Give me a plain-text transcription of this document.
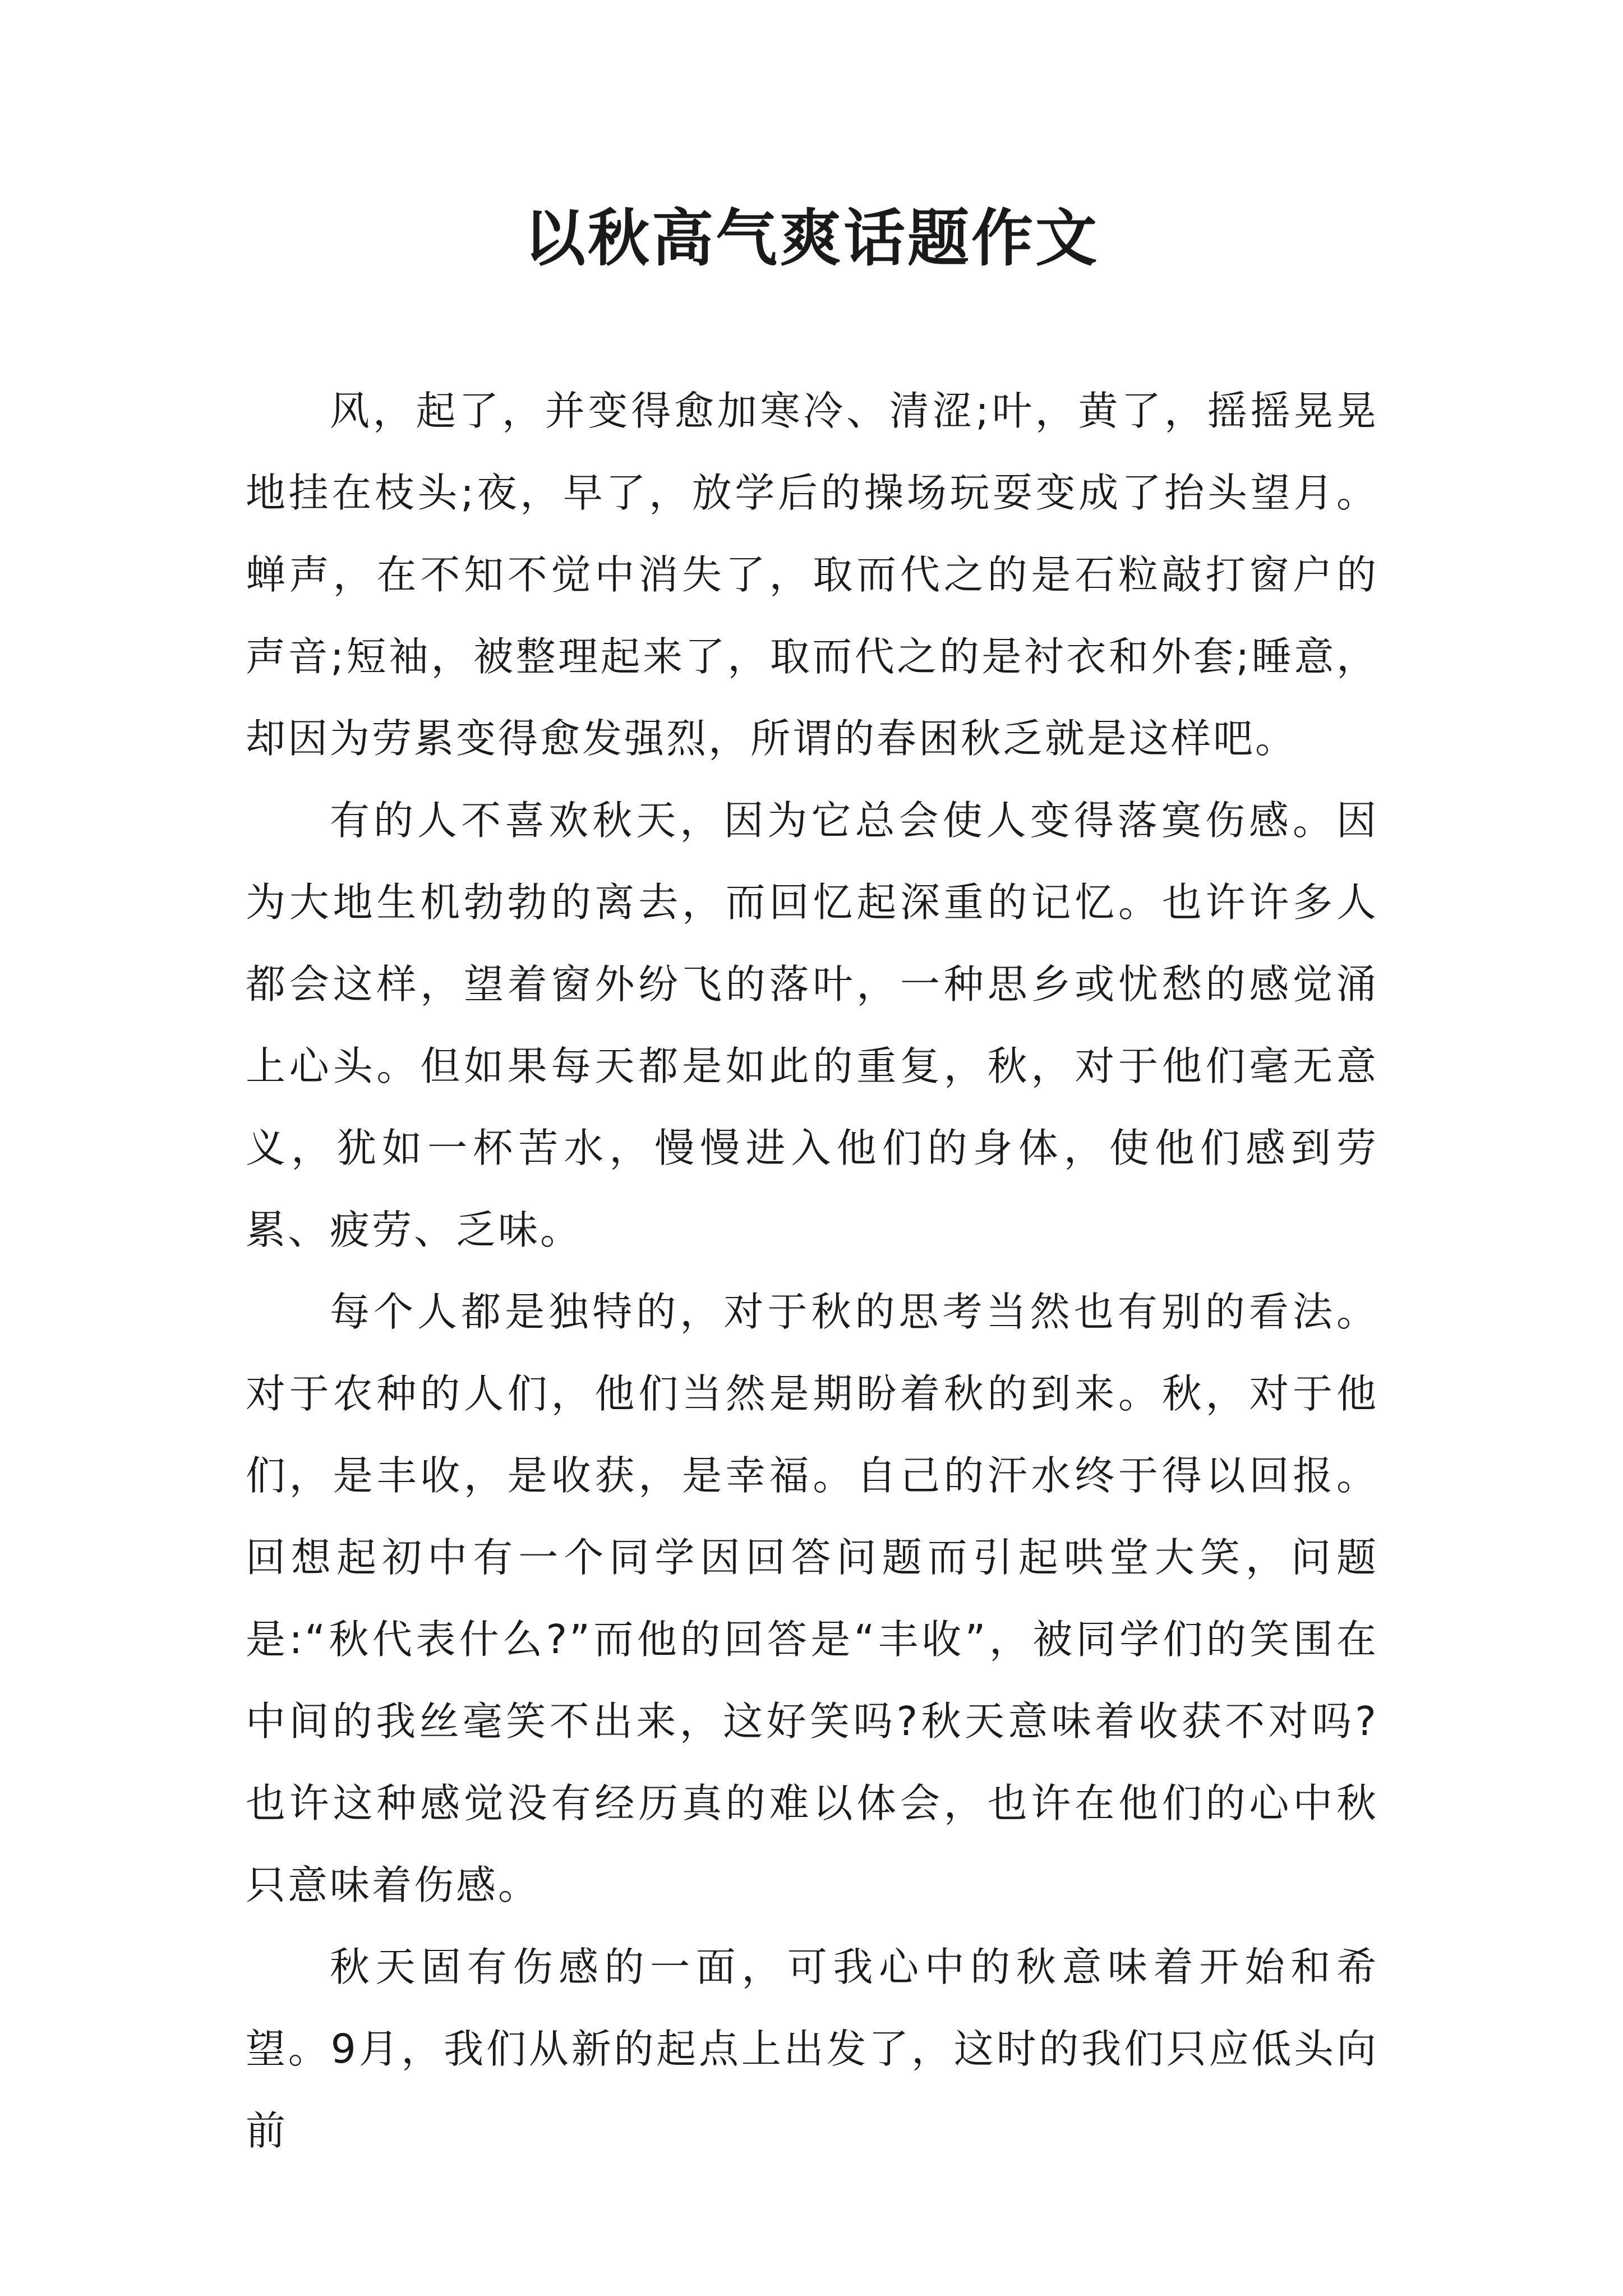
以秋高气爽话题作文

风，起了，并变得愈加寒冷、清涩;叶，黄了，摇摇晃晃地挂在枝头;夜，早了，放学后的操场玩耍变成了抬头望月。蝉声，在不知不觉中消失了，取而代之的是石粒敲打窗户的声音;短袖，被整理起来了，取而代之的是衬衣和外套;睡意，却因为劳累变得愈发强烈，所谓的春困秋乏就是这样吧。

有的人不喜欢秋天，因为它总会使人变得落寞伤感。因为大地生机勃勃的离去，而回忆起深重的记忆。也许许多人都会这样，望着窗外纷飞的落叶，一种思乡或忧愁的感觉涌上心头。但如果每天都是如此的重复，秋，对于他们毫无意义，犹如一杯苦水，慢慢进入他们的身体，使他们感到劳累、疲劳、乏味。

每个人都是独特的，对于秋的思考当然也有别的看法。对于农种的人们，他们当然是期盼着秋的到来。秋，对于他们，是丰收，是收获，是幸福。自己的汗水终于得以回报。回想起初中有一个同学因回答问题而引起哄堂大笑，问题是:“秋代表什么?”而他的回答是“丰收”，被同学们的笑围在中间的我丝毫笑不出来，这好笑吗?秋天意味着收获不对吗?也许这种感觉没有经历真的难以体会，也许在他们的心中秋只意味着伤感。

秋天固有伤感的一面，可我心中的秋意味着开始和希望。9月，我们从新的起点上出发了，这时的我们只应低头向前
